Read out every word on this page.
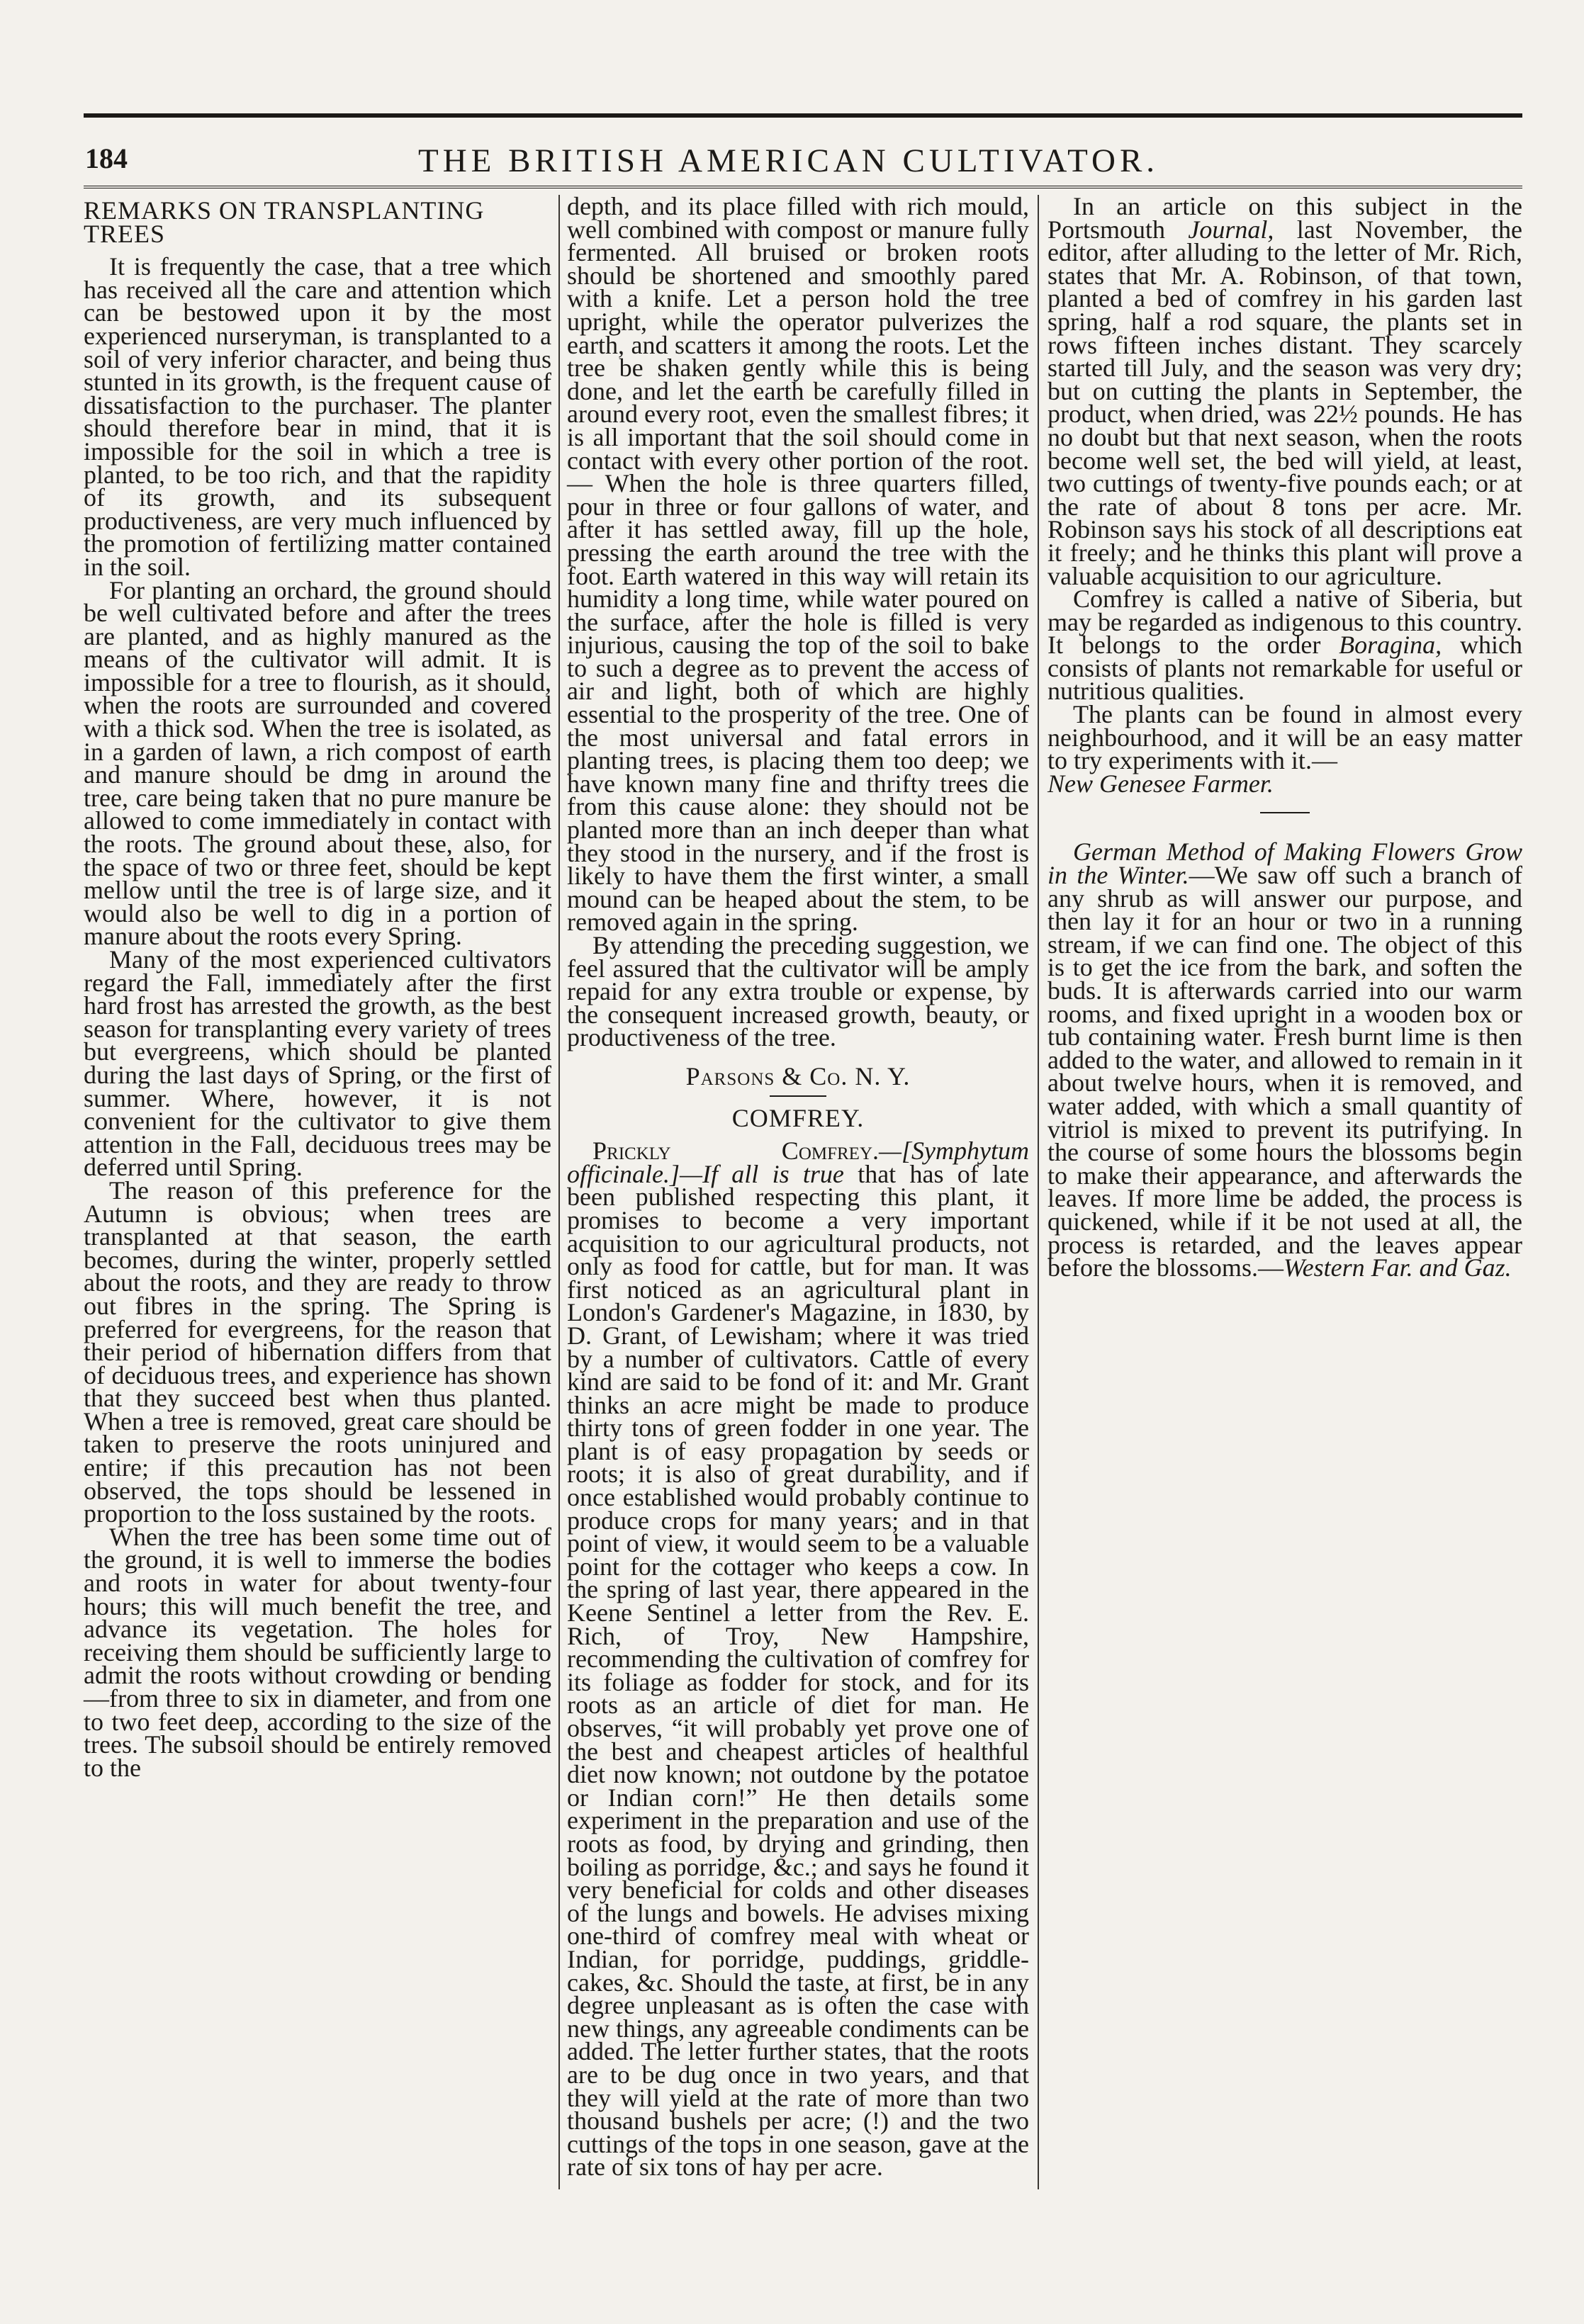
184	THE BRITISH AMERICAN CULTIVATOR.

REMARKS ON TRANSPLANTING TREES

It is frequently the case, that a tree which has received all the care and attention which can be bestowed upon it by the most experienced nurseryman, is transplanted to a soil of very inferior character, and being thus stunted in its growth, is the frequent cause of dissatisfaction to the purchaser. The planter should therefore bear in mind, that it is impossible for the soil in which a tree is planted, to be too rich, and that the rapidity of its growth, and its subsequent productiveness, are very much influenced by the promotion of fertilizing matter contained in the soil.

For planting an orchard, the ground should be well cultivated before and after the trees are planted, and as highly manured as the means of the cultivator will admit. It is impossible for a tree to flourish, as it should, when the roots are surrounded and covered with a thick sod. When the tree is isolated, as in a garden of lawn, a rich compost of earth and manure should be dmg in around the tree, care being taken that no pure manure be allowed to come immediately in contact with the roots. The ground about these, also, for the space of two or three feet, should be kept mellow until the tree is of large size, and it would also be well to dig in a portion of manure about the roots every Spring.

Many of the most experienced cultivators regard the Fall, immediately after the first hard frost has arrested the growth, as the best season for transplanting every variety of trees but evergreens, which should be planted during the last days of Spring, or the first of summer. Where, however, it is not convenient for the cultivator to give them attention in the Fall, deciduous trees may be deferred until Spring.

The reason of this preference for the Autumn is obvious; when trees are transplanted at that season, the earth becomes, during the winter, properly settled about the roots, and they are ready to throw out fibres in the spring. The Spring is preferred for evergreens, for the reason that their period of hibernation differs from that of deciduous trees, and experience has shown that they succeed best when thus planted. When a tree is removed, great care should be taken to preserve the roots uninjured and entire; if this precaution has not been observed, the tops should be lessened in proportion to the loss sustained by the roots.

When the tree has been some time out of the ground, it is well to immerse the bodies and roots in water for about twenty-four hours; this will much benefit the tree, and advance its vegetation. The holes for receiving them should be sufficiently large to admit the roots without crowding or bending—from three to six in diameter, and from one to two feet deep, according to the size of the trees. The subsoil should be entirely removed to the

depth, and its place filled with rich mould, well combined with compost or manure fully fermented. All bruised or broken roots should be shortened and smoothly pared with a knife. Let a person hold the tree upright, while the operator pulverizes the earth, and scatters it among the roots. Let the tree be shaken gently while this is being done, and let the earth be carefully filled in around every root, even the smallest fibres; it is all important that the soil should come in contact with every other portion of the root.— When the hole is three quarters filled, pour in three or four gallons of water, and after it has settled away, fill up the hole, pressing the earth around the tree with the foot. Earth watered in this way will retain its humidity a long time, while water poured on the surface, after the hole is filled is very injurious, causing the top of the soil to bake to such a degree as to prevent the access of air and light, both of which are highly essential to the prosperity of the tree. One of the most universal and fatal errors in planting trees, is placing them too deep; we have known many fine and thrifty trees die from this cause alone: they should not be planted more than an inch deeper than what they stood in the nursery, and if the frost is likely to have them the first winter, a small mound can be heaped about the stem, to be removed again in the spring.

By attending the preceding suggestion, we feel assured that the cultivator will be amply repaid for any extra trouble or expense, by the consequent increased growth, beauty, or productiveness of the tree.

Parsons & Co. N. Y.

COMFREY.

Prickly Comfrey.—[Symphytum officinale.]—If all is true that has of late been published respecting this plant, it promises to become a very important acquisition to our agricultural products, not only as food for cattle, but for man. It was first noticed as an agricultural plant in London's Gardener's Magazine, in 1830, by D. Grant, of Lewisham; where it was tried by a number of cultivators. Cattle of every kind are said to be fond of it: and Mr. Grant thinks an acre might be made to produce thirty tons of green fodder in one year. The plant is of easy propagation by seeds or roots; it is also of great durability, and if once established would probably continue to produce crops for many years; and in that point of view, it would seem to be a valuable point for the cottager who keeps a cow. In the spring of last year, there appeared in the Keene Sentinel a letter from the Rev. E. Rich, of Troy, New Hampshire, recommending the cultivation of comfrey for its foliage as fodder for stock, and for its roots as an article of diet for man. He observes, “it will probably yet prove one of the best and cheapest articles of healthful diet now known; not outdone by the potatoe or Indian corn!” He then details some experiment in the preparation and use of the roots as food, by drying and grinding, then boiling as porridge, &c.; and says he found it very beneficial for colds and other diseases of the lungs and bowels. He advises mixing one-third of comfrey meal with wheat or Indian, for porridge, puddings, griddle-cakes, &c. Should the taste, at first, be in any degree unpleasant as is often the case with new things, any agreeable condiments can be added. The letter further states, that the roots are to be dug once in two years, and that they will yield at the rate of more than two thousand bushels per acre; (!) and the two cuttings of the tops in one season, gave at the rate of six tons of hay per acre.

In an article on this subject in the Portsmouth Journal, last November, the editor, after alluding to the letter of Mr. Rich, states that Mr. A. Robinson, of that town, planted a bed of comfrey in his garden last spring, half a rod square, the plants set in rows fifteen inches distant. They scarcely started till July, and the season was very dry; but on cutting the plants in September, the product, when dried, was 22½ pounds. He has no doubt but that next season, when the roots become well set, the bed will yield, at least, two cuttings of twenty-five pounds each; or at the rate of about 8 tons per acre. Mr. Robinson says his stock of all descriptions eat it freely; and he thinks this plant will prove a valuable acquisition to our agriculture.

Comfrey is called a native of Siberia, but may be regarded as indigenous to this country. It belongs to the order Boragina, which consists of plants not remarkable for useful or nutritious qualities.

The plants can be found in almost every neighbourhood, and it will be an easy matter to try experiments with it.—

New Genesee Farmer.

German Method of Making Flowers Grow in the Winter.—We saw off such a branch of any shrub as will answer our purpose, and then lay it for an hour or two in a running stream, if we can find one. The object of this is to get the ice from the bark, and soften the buds. It is afterwards carried into our warm rooms, and fixed upright in a wooden box or tub containing water. Fresh burnt lime is then added to the water, and allowed to remain in it about twelve hours, when it is removed, and water added, with which a small quantity of vitriol is mixed to prevent its putrifying. In the course of some hours the blossoms begin to make their appearance, and afterwards the leaves. If more lime be added, the process is quickened, while if it be not used at all, the process is retarded, and the leaves appear before the blossoms.—Western Far. and Gaz.
